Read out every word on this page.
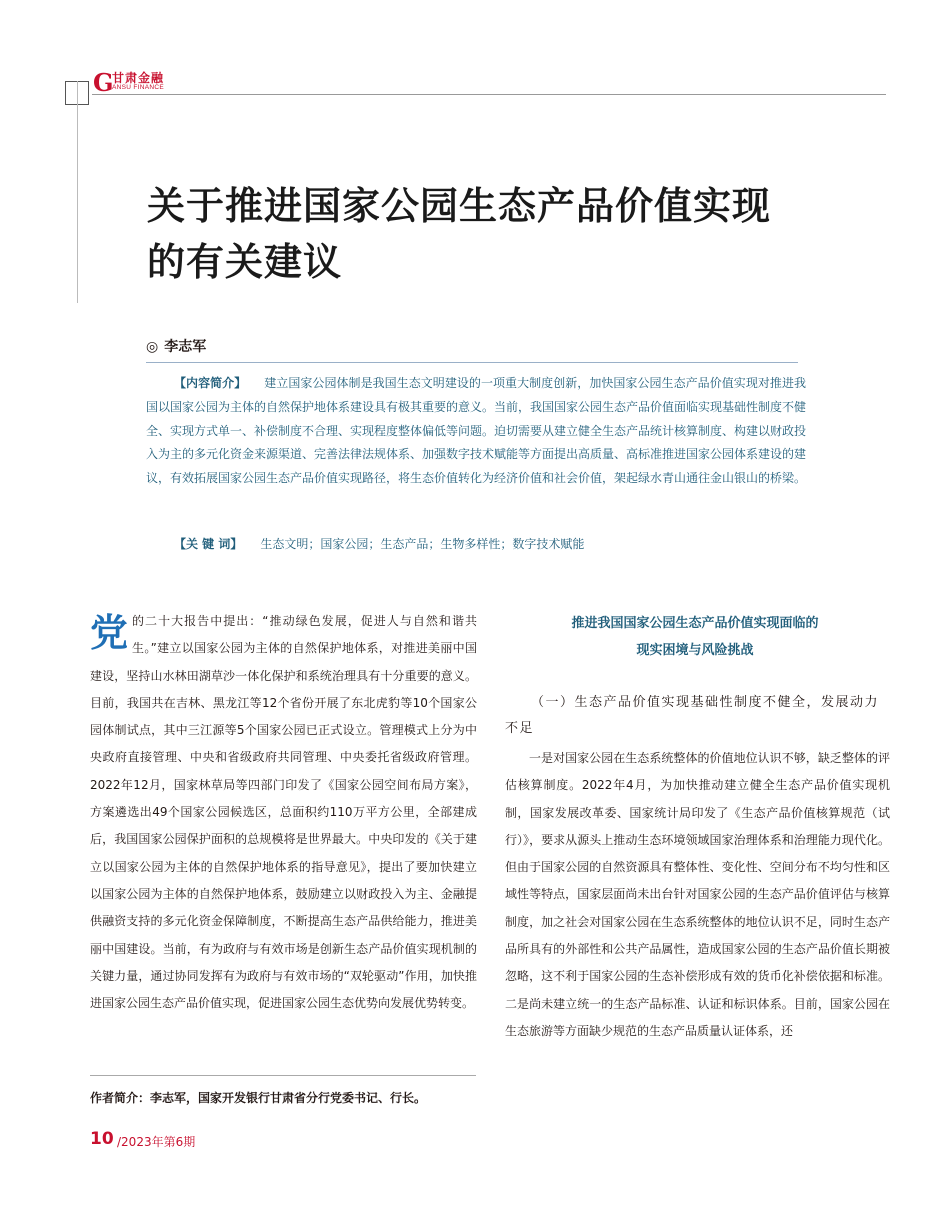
G
甘肃金融
ANSU FINANCE
关于推进国家公园生态产品价值实现
的有关建议
◎ 李志军
【内容简介】 建立国家公园体制是我国生态文明建设的一项重大制度创新，加快国家公园生态产品价值实现对推进我国以国家公园为主体的自然保护地体系建设具有极其重要的意义。当前，我国国家公园生态产品价值面临实现基础性制度不健全、实现方式单一、补偿制度不合理、实现程度整体偏低等问题。迫切需要从建立健全生态产品统计核算制度、构建以财政投入为主的多元化资金来源渠道、完善法律法规体系、加强数字技术赋能等方面提出高质量、高标准推进国家公园体系建设的建议，有效拓展国家公园生态产品价值实现路径，将生态价值转化为经济价值和社会价值，架起绿水青山通往金山银山的桥梁。
【关 键 词】 生态文明；国家公园；生态产品；生物多样性；数字技术赋能
党的二十大报告中提出：“推动绿色发展，促进人与自然和谐共生。”建立以国家公园为主体的自然保护地体系，对推进美丽中国建设，坚持山水林田湖草沙一体化保护和系统治理具有十分重要的意义。目前，我国共在吉林、黑龙江等12个省份开展了东北虎豹等10个国家公园体制试点，其中三江源等5个国家公园已正式设立。管理模式上分为中央政府直接管理、中央和省级政府共同管理、中央委托省级政府管理。2022年12月，国家林草局等四部门印发了《国家公园空间布局方案》，方案遴选出49个国家公园候选区，总面积约110万平方公里，全部建成后，我国国家公园保护面积的总规模将是世界最大。中央印发的《关于建立以国家公园为主体的自然保护地体系的指导意见》，提出了要加快建立以国家公园为主体的自然保护地体系，鼓励建立以财政投入为主、金融提供融资支持的多元化资金保障制度，不断提高生态产品供给能力，推进美丽中国建设。当前，有为政府与有效市场是创新生态产品价值实现机制的关键力量，通过协同发挥有为政府与有效市场的“双轮驱动”作用，加快推进国家公园生态产品价值实现，促进国家公园生态优势向发展优势转变。
作者简介：李志军，国家开发银行甘肃省分行党委书记、行长。
推进我国国家公园生态产品价值实现面临的
现实困境与风险挑战
（一）生态产品价值实现基础性制度不健全，发展动力不足
一是对国家公园在生态系统整体的价值地位认识不够，缺乏整体的评估核算制度。2022年4月，为加快推动建立健全生态产品价值实现机制，国家发展改革委、国家统计局印发了《生态产品价值核算规范（试行）》，要求从源头上推动生态环境领域国家治理体系和治理能力现代化。但由于国家公园的自然资源具有整体性、变化性、空间分布不均匀性和区域性等特点，国家层面尚未出台针对国家公园的生态产品价值评估与核算制度，加之社会对国家公园在生态系统整体的地位认识不足，同时生态产品所具有的外部性和公共产品属性，造成国家公园的生态产品价值长期被忽略，这不利于国家公园的生态补偿形成有效的货币化补偿依据和标准。二是尚未建立统一的生态产品标准、认证和标识体系。目前，国家公园在生态旅游等方面缺少规范的生态产品质量认证体系，还
10 /2023年第6期
